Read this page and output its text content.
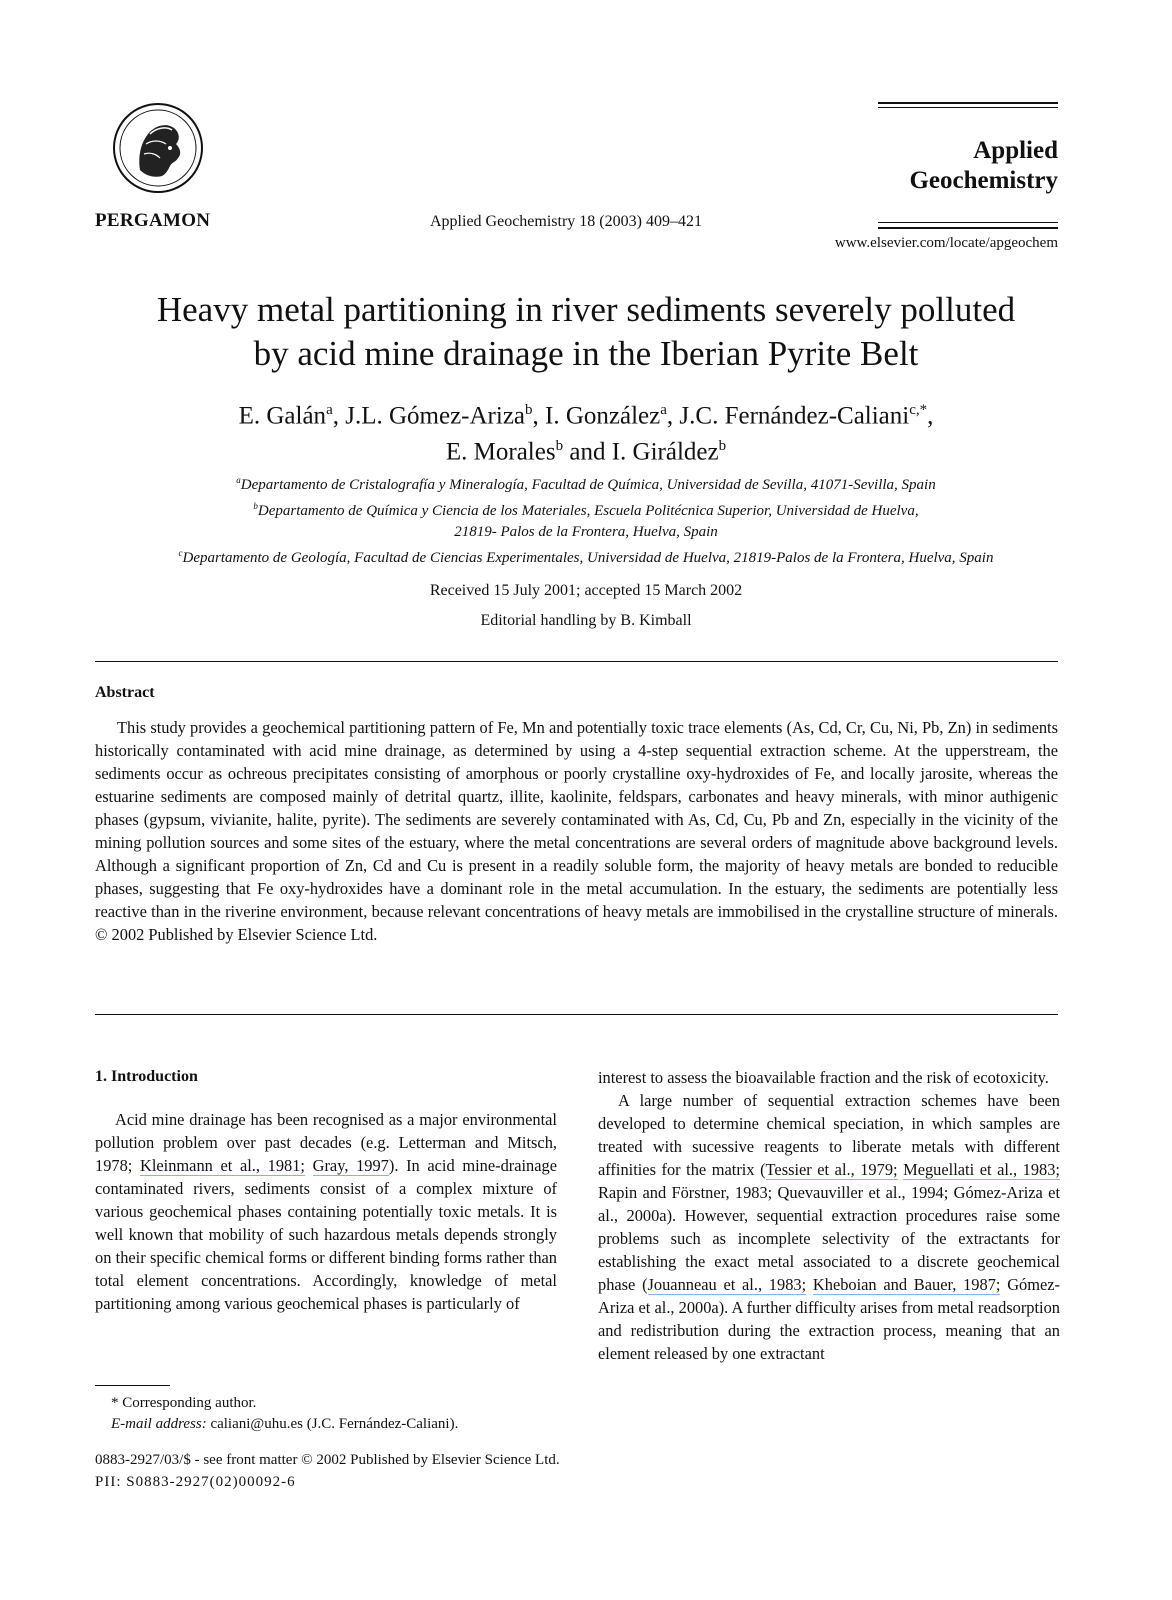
PERGAMON	Applied Geochemistry 18 (2003) 409–421
Applied
Geochemistry
www.elsevier.com/locate/apgeochem
Heavy metal partitioning in river sediments severely polluted
by acid mine drainage in the Iberian Pyrite Belt
E. Galán$^a$, J.L. Gómez-Ariza$^b$, I. González$^a$, J.C. Fernández-Caliani$^{c,*}$,
E. Morales$^b$ and I. Giráldez$^b$
$^a$Departamento de Cristalografía y Mineralogía, Facultad de Química, Universidad de Sevilla, 41071-Sevilla, Spain
$^b$Departamento de Química y Ciencia de los Materiales, Escuela Politécnica Superior, Universidad de Huelva,
21819- Palos de la Frontera, Huelva, Spain
$^c$Departamento de Geología, Facultad de Ciencias Experimentales, Universidad de Huelva, 21819-Palos de la Frontera, Huelva, Spain
Received 15 July 2001; accepted 15 March 2002
Editorial handling by B. Kimball
Abstract

This study provides a geochemical partitioning pattern of Fe, Mn and potentially toxic trace elements (As, Cd, Cr, Cu, Ni, Pb, Zn) in sediments historically contaminated with acid mine drainage, as determined by using a 4-step sequential extraction scheme. At the upperstream, the sediments occur as ochreous precipitates consisting of amorphous or poorly crystalline oxy-hydroxides of Fe, and locally jarosite, whereas the estuarine sediments are composed mainly of detrital quartz, illite, kaolinite, feldspars, carbonates and heavy minerals, with minor authigenic phases (gypsum, vivianite, halite, pyrite). The sediments are severely contaminated with As, Cd, Cu, Pb and Zn, especially in the vicinity of the mining pollution sources and some sites of the estuary, where the metal concentrations are several orders of magnitude above background levels. Although a significant proportion of Zn, Cd and Cu is present in a readily soluble form, the majority of heavy metals are bonded to reducible phases, suggesting that Fe oxy-hydroxides have a dominant role in the metal accumulation. In the estuary, the sediments are potentially less reactive than in the riverine environment, because relevant concentrations of heavy metals are immobilised in the crystalline structure of minerals. © 2002 Published by Elsevier Science Ltd.

1. Introduction

Acid mine drainage has been recognised as a major environmental pollution problem over past decades (e.g. Letterman and Mitsch, 1978; Kleinmann et al., 1981; Gray, 1997). In acid mine-drainage contaminated rivers, sediments consist of a complex mixture of various geochemical phases containing potentially toxic metals. It is well known that mobility of such hazardous metals depends strongly on their specific chemical forms or different binding forms rather than total element concentrations. Accordingly, knowledge of metal partitioning among various geochemical phases is particularly of

interest to assess the bioavailable fraction and the risk of ecotoxicity.

A large number of sequential extraction schemes have been developed to determine chemical speciation, in which samples are treated with sucessive reagents to liberate metals with different affinities for the matrix (Tessier et al., 1979; Meguellati et al., 1983; Rapin and Förstner, 1983; Quevauviller et al., 1994; Gómez-Ariza et al., 2000a). However, sequential extraction procedures raise some problems such as incomplete selectivity of the extractants for establishing the exact metal associated to a discrete geochemical phase (Jouanneau et al., 1983; Kheboian and Bauer, 1987; Gómez-Ariza et al., 2000a). A further difficulty arises from metal readsorption and redistribution during the extraction process, meaning that an element released by one extractant

* Corresponding author.
E-mail address: caliani@uhu.es (J.C. Fernández-Caliani).
0883-2927/03/$ - see front matter © 2002 Published by Elsevier Science Ltd.
PII: S0883-2927(02)00092-6
